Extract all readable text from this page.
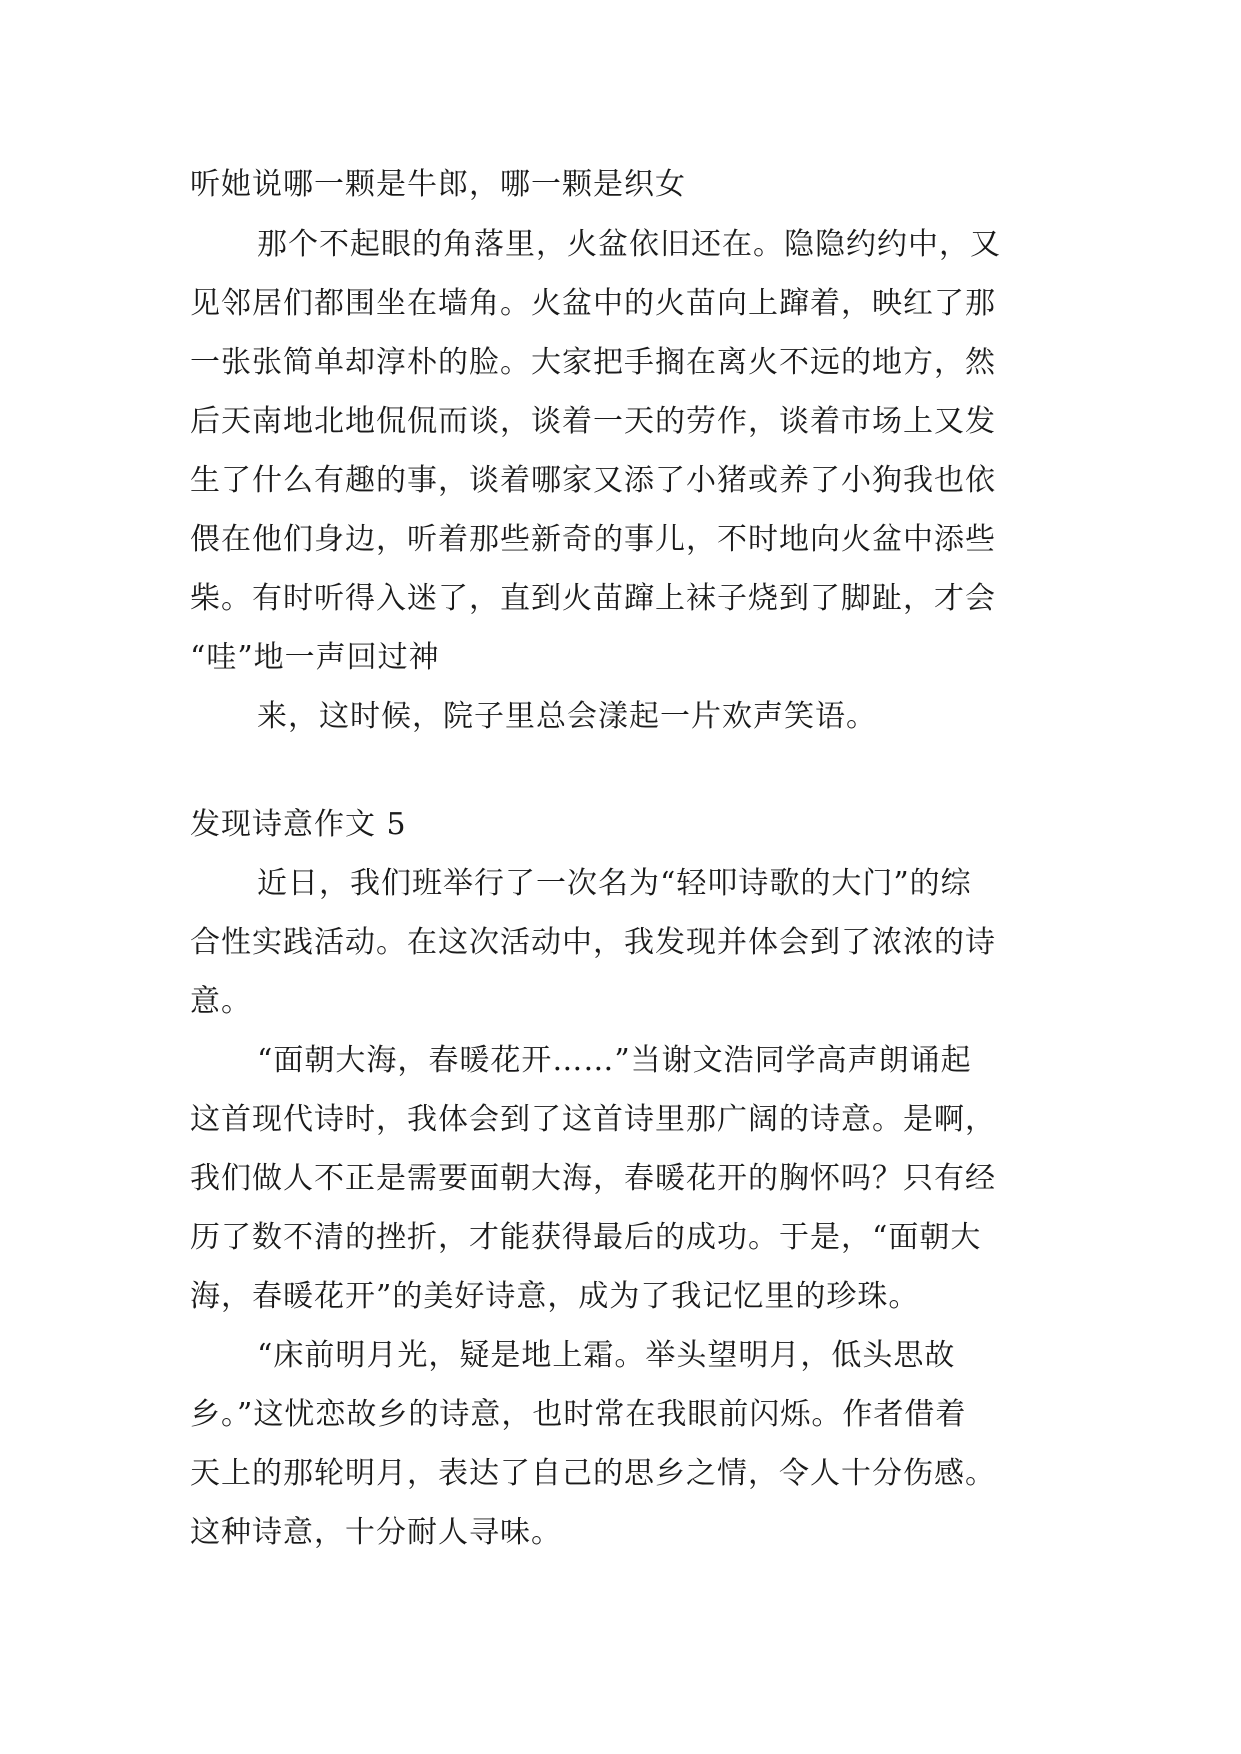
听她说哪一颗是牛郎，哪一颗是织女
那个不起眼的角落里，火盆依旧还在。隐隐约约中，又
见邻居们都围坐在墙角。火盆中的火苗向上蹿着，映红了那
一张张简单却淳朴的脸。大家把手搁在离火不远的地方，然
后天南地北地侃侃而谈，谈着一天的劳作，谈着市场上又发
生了什么有趣的事，谈着哪家又添了小猪或养了小狗我也依
偎在他们身边，听着那些新奇的事儿，不时地向火盆中添些
柴。有时听得入迷了，直到火苗蹿上袜子烧到了脚趾，才会
“哇”地一声回过神
来，这时候，院子里总会漾起一片欢声笑语。
发现诗意作文 5
近日，我们班举行了一次名为“轻叩诗歌的大门”的综
合性实践活动。在这次活动中，我发现并体会到了浓浓的诗
意。
“面朝大海，春暖花开……”当谢文浩同学高声朗诵起
这首现代诗时，我体会到了这首诗里那广阔的诗意。是啊，
我们做人不正是需要面朝大海，春暖花开的胸怀吗？只有经
历了数不清的挫折，才能获得最后的成功。于是，“面朝大
海，春暖花开”的美好诗意，成为了我记忆里的珍珠。
“床前明月光，疑是地上霜。举头望明月，低头思故
乡。”这忧恋故乡的诗意，也时常在我眼前闪烁。作者借着
天上的那轮明月，表达了自己的思乡之情，令人十分伤感。
这种诗意，十分耐人寻味。
